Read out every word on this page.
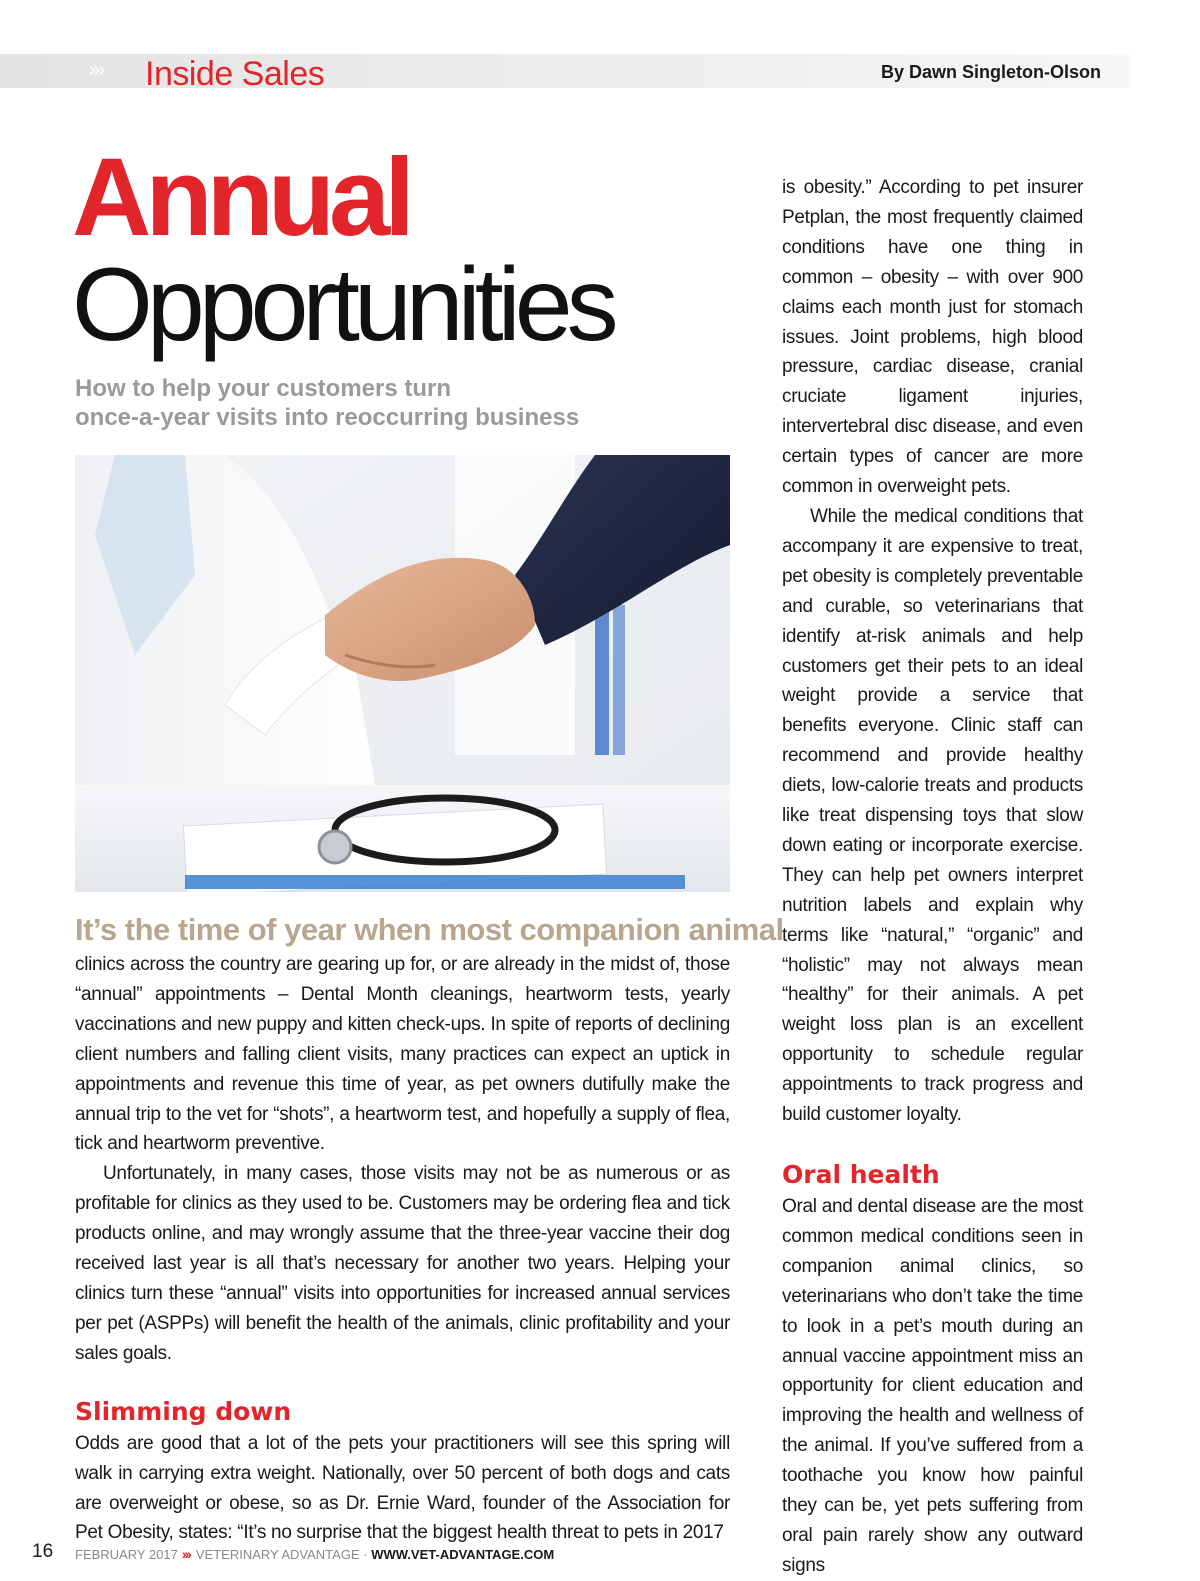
››› Inside Sales	By Dawn Singleton-Olson
Annual
Opportunities
How to help your customers turn
once-a-year visits into reoccurring business

It’s the time of year when most companion animal

clinics across the country are gearing up for, or are already in the midst of, those “annual” appointments – Dental Month cleanings, heartworm tests, yearly vaccinations and new puppy and kitten check-ups. In spite of reports of declining client numbers and falling client visits, many practices can expect an uptick in appointments and revenue this time of year, as pet owners dutifully make the annual trip to the vet for “shots”, a heartworm test, and hopefully a supply of flea, tick and heartworm preventive.

Unfortunately, in many cases, those visits may not be as numerous or as profitable for clinics as they used to be. Customers may be ordering flea and tick products online, and may wrongly assume that the three-year vaccine their dog received last year is all that’s necessary for another two years. Helping your clinics turn these “annual” visits into opportunities for increased annual services per pet (ASPPs) will benefit the health of the animals, clinic profitability and your sales goals.

Slimming down

Odds are good that a lot of the pets your practitioners will see this spring will walk in carrying extra weight. Nationally, over 50 percent of both dogs and cats are overweight or obese, so as Dr. Ernie Ward, founder of the Association for Pet Obesity, states: “It’s no surprise that the biggest health threat to pets in 2017

is obesity.” According to pet insurer Petplan, the most frequently claimed conditions have one thing in common – obesity – with over 900 claims each month just for stomach issues. Joint problems, high blood pressure, cardiac disease, cranial cruciate ligament injuries, intervertebral disc disease, and even certain types of cancer are more common in overweight pets.

While the medical conditions that accompany it are expensive to treat, pet obesity is completely preventable and curable, so veterinarians that identify at-risk animals and help customers get their pets to an ideal weight provide a service that benefits everyone. Clinic staff can recommend and provide healthy diets, low-calorie treats and products like treat dispensing toys that slow down eating or incorporate exercise. They can help pet owners interpret nutrition labels and explain why terms like “natural,” “organic” and “holistic” may not always mean “healthy” for their animals. A pet weight loss plan is an excellent opportunity to schedule regular appointments to track progress and build customer loyalty.

Oral health

Oral and dental disease are the most common medical conditions seen in companion animal clinics, so veterinarians who don’t take the time to look in a pet’s mouth during an annual vaccine appointment miss an opportunity for client education and improving the health and wellness of the animal. If you’ve suffered from a toothache you know how painful they can be, yet pets suffering from oral pain rarely show any outward signs

16 FEBRUARY 2017 ››› VETERINARY ADVANTAGE · WWW.VET-ADVANTAGE.COM
